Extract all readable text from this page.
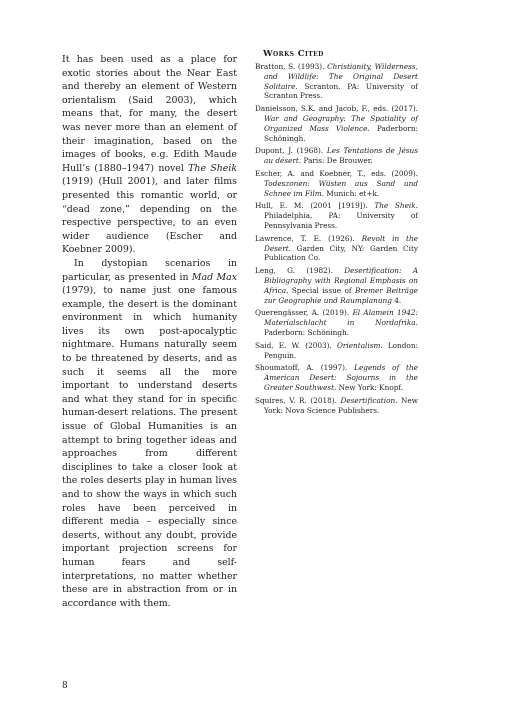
It has been used as a place for exotic stories about the Near East and thereby an element of Western orientalism (Said 2003), which means that, for many, the desert was never more than an element of their imagination, based on the images of books, e.g. Edith Maude Hull’s (1880–1947) novel The Sheik (1919) (Hull 2001), and later films presented this romantic world, or “dead zone,” depending on the respective perspective, to an even wider audience (Escher and Koebner 2009).

In dystopian scenarios in particular, as presented in Mad Max (1979), to name just one famous example, the desert is the dominant environment in which humanity lives its own post-apocalyptic nightmare. Humans naturally seem to be threatened by deserts, and as such it seems all the more important to understand deserts and what they stand for in specific human-desert relations. The present issue of Global Humanities is an attempt to bring together ideas and approaches from different disciplines to take a closer look at the roles deserts play in human lives and to show the ways in which such roles have been perceived in different media – especially since deserts, without any doubt, provide important projection screens for human fears and self-interpretations, no matter whether these are in abstraction from or in accordance with them.

Works Cited
Bratton, S. (1993). Christianity, Wilderness, and Wildlife: The Original Desert Solitaire. Scranton, PA: University of Scranton Press.
Danielsson, S.K. and Jacob, F., eds. (2017). War and Geography: The Spatiality of Organized Mass Violence. Paderborn: Schöningh.
Dupont, J. (1968). Les Tentations de Jésus au désert. Paris: De Brouwer.
Escher, A. and Koebner, T., eds. (2009). Todeszonen: Wüsten aus Sand und Schnee im Film. Munich: et+k.
Hull, E. M. (2001 [1919]). The Sheik. Philadelphia, PA: University of Pennsylvania Press.
Lawrence, T. E. (1926). Revolt in the Desert. Garden City, NY: Garden City Publication Co.
Leng, G. (1982). Desertification: A Bibliography with Regional Emphasis on Africa, Special issue of Bremer Beiträge zur Geographie und Raumplanung 4.
Querengässer, A. (2019). El Alamein 1942: Materialschlacht in Nordafrika. Paderborn: Schöningh.
Said, E. W. (2003). Orientalism. London: Penguin.
Shoumatoff, A. (1997). Legends of the American Desert: Sojourns in the Greater Southwest. New York: Knopf.
Squires, V. R. (2018). Desertification. New York: Nova Science Publishers.
8
